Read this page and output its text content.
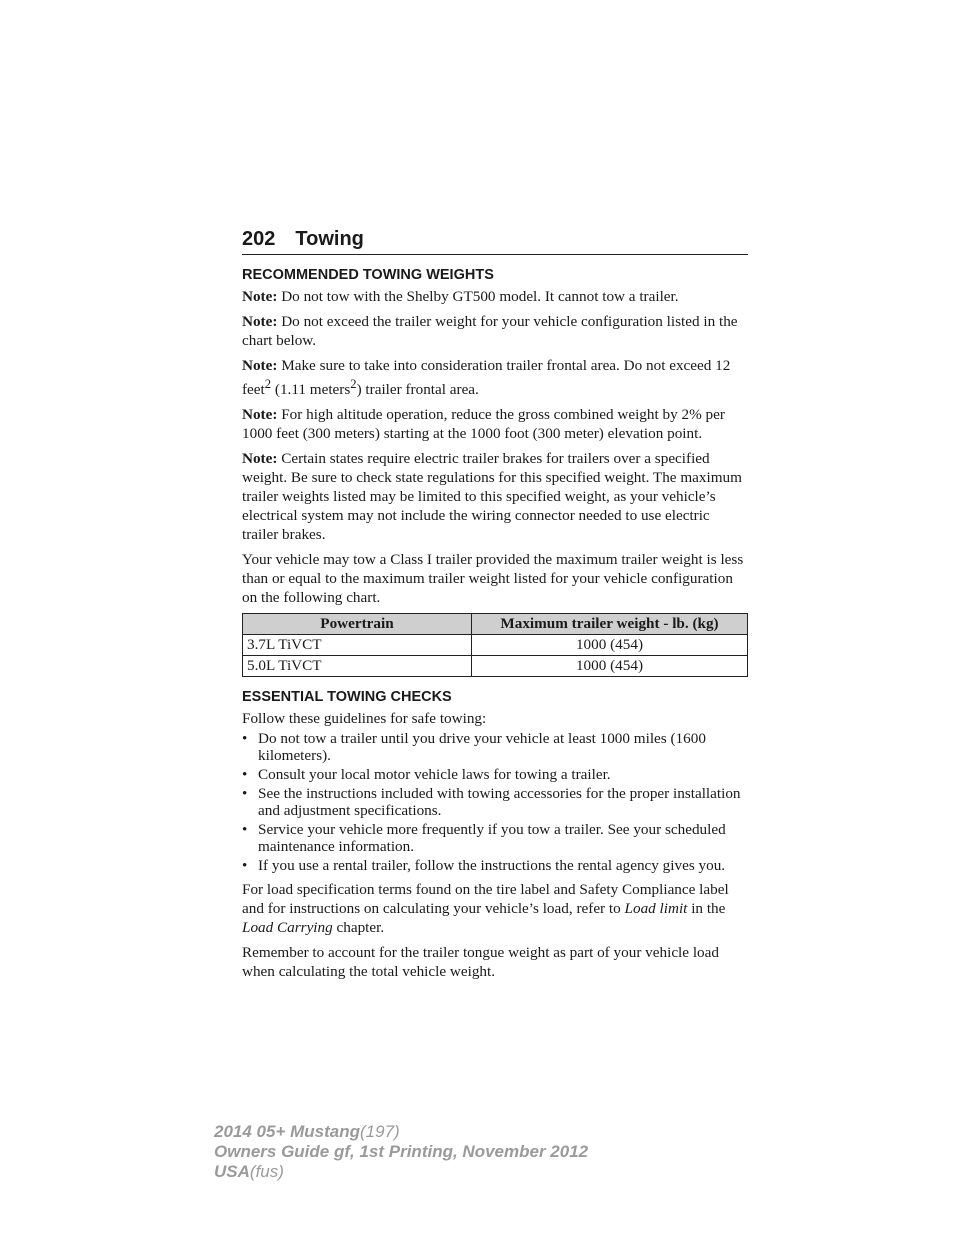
202 Towing
RECOMMENDED TOWING WEIGHTS

Note: Do not tow with the Shelby GT500 model. It cannot tow a trailer.

Note: Do not exceed the trailer weight for your vehicle configuration listed in the chart below.

Note: Make sure to take into consideration trailer frontal area. Do not exceed 12 feet$^2$ (1.11 meters$^2$) trailer frontal area.

Note: For high altitude operation, reduce the gross combined weight by 2% per 1000 feet (300 meters) starting at the 1000 foot (300 meter) elevation point.

Note: Certain states require electric trailer brakes for trailers over a specified weight. Be sure to check state regulations for this specified weight. The maximum trailer weights listed may be limited to this specified weight, as your vehicle’s electrical system may not include the wiring connector needed to use electric trailer brakes.

Your vehicle may tow a Class I trailer provided the maximum trailer weight is less than or equal to the maximum trailer weight listed for your vehicle configuration on the following chart.

Powertrain	Maximum trailer weight - lb. (kg)
3.7L TiVCT	1000 (454)
5.0L TiVCT	1000 (454)
ESSENTIAL TOWING CHECKS

Follow these guidelines for safe towing:

• Do not tow a trailer until you drive your vehicle at least 1000 miles (1600 kilometers).
• Consult your local motor vehicle laws for towing a trailer.
• See the instructions included with towing accessories for the proper installation and adjustment specifications.
• Service your vehicle more frequently if you tow a trailer. See your scheduled maintenance information.
• If you use a rental trailer, follow the instructions the rental agency gives you.

For load specification terms found on the tire label and Safety Compliance label and for instructions on calculating your vehicle’s load, refer to Load limit in the Load Carrying chapter.

Remember to account for the trailer tongue weight as part of your vehicle load when calculating the total vehicle weight.

2014 05+ Mustang(197)
Owners Guide gf, 1st Printing, November 2012
USA(fus)
